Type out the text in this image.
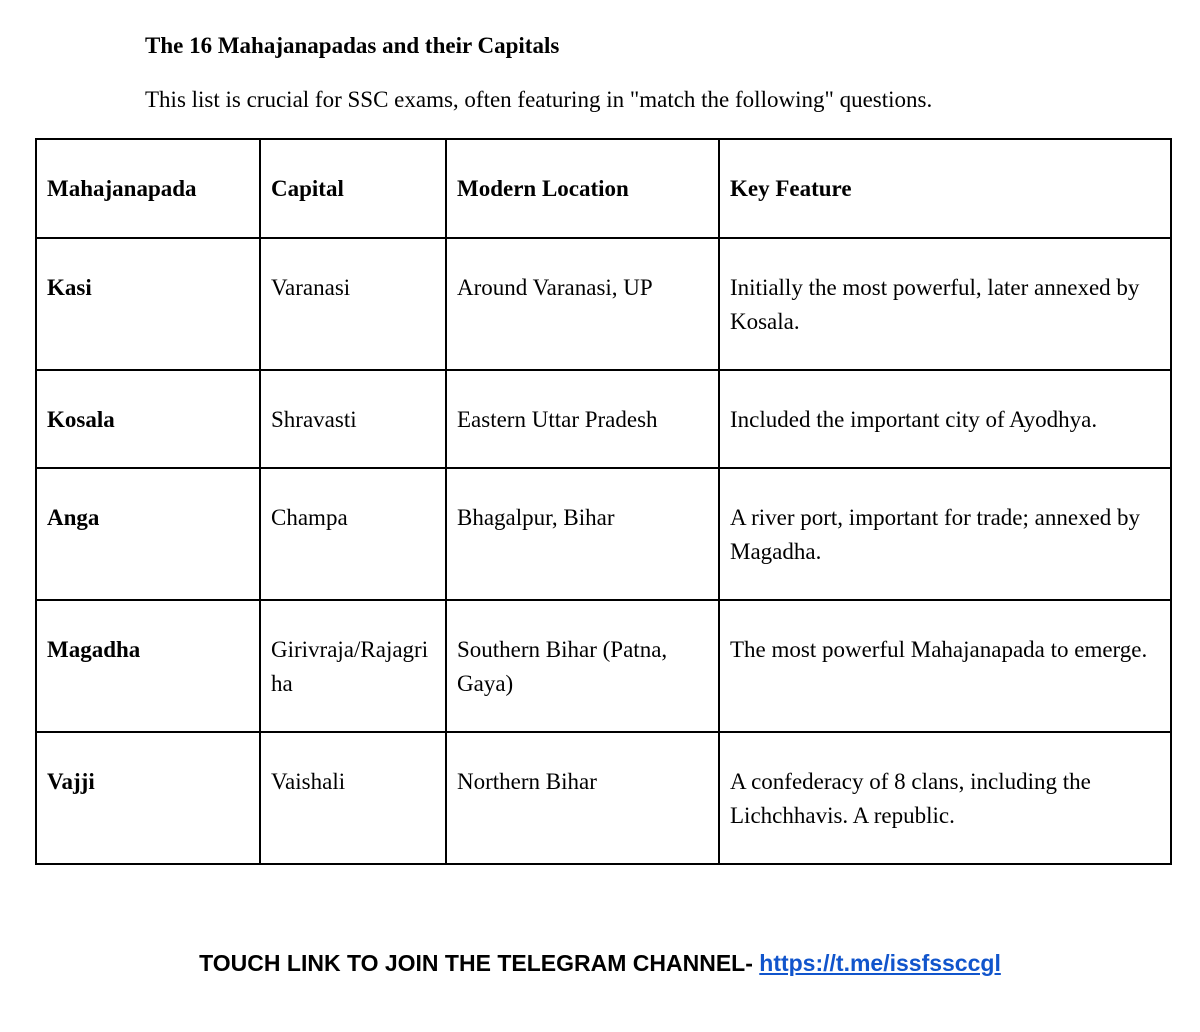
The 16 Mahajanapadas and their Capitals
This list is crucial for SSC exams, often featuring in "match the following" questions.
Mahajanapada	Capital	Modern Location	Key Feature
Kasi	Varanasi	Around Varanasi, UP	Initially the most powerful, later annexed by Kosala.
Kosala	Shravasti	Eastern Uttar Pradesh	Included the important city of Ayodhya.
Anga	Champa	Bhagalpur, Bihar	A river port, important for trade; annexed by Magadha.
Magadha	Girivraja/Rajagriha	Southern Bihar (Patna, Gaya)	The most powerful Mahajanapada to emerge.
Vajji	Vaishali	Northern Bihar	A confederacy of 8 clans, including the Lichchhavis. A republic.
TOUCH LINK TO JOIN THE TELEGRAM CHANNEL- https://t.me/issfssccgl
